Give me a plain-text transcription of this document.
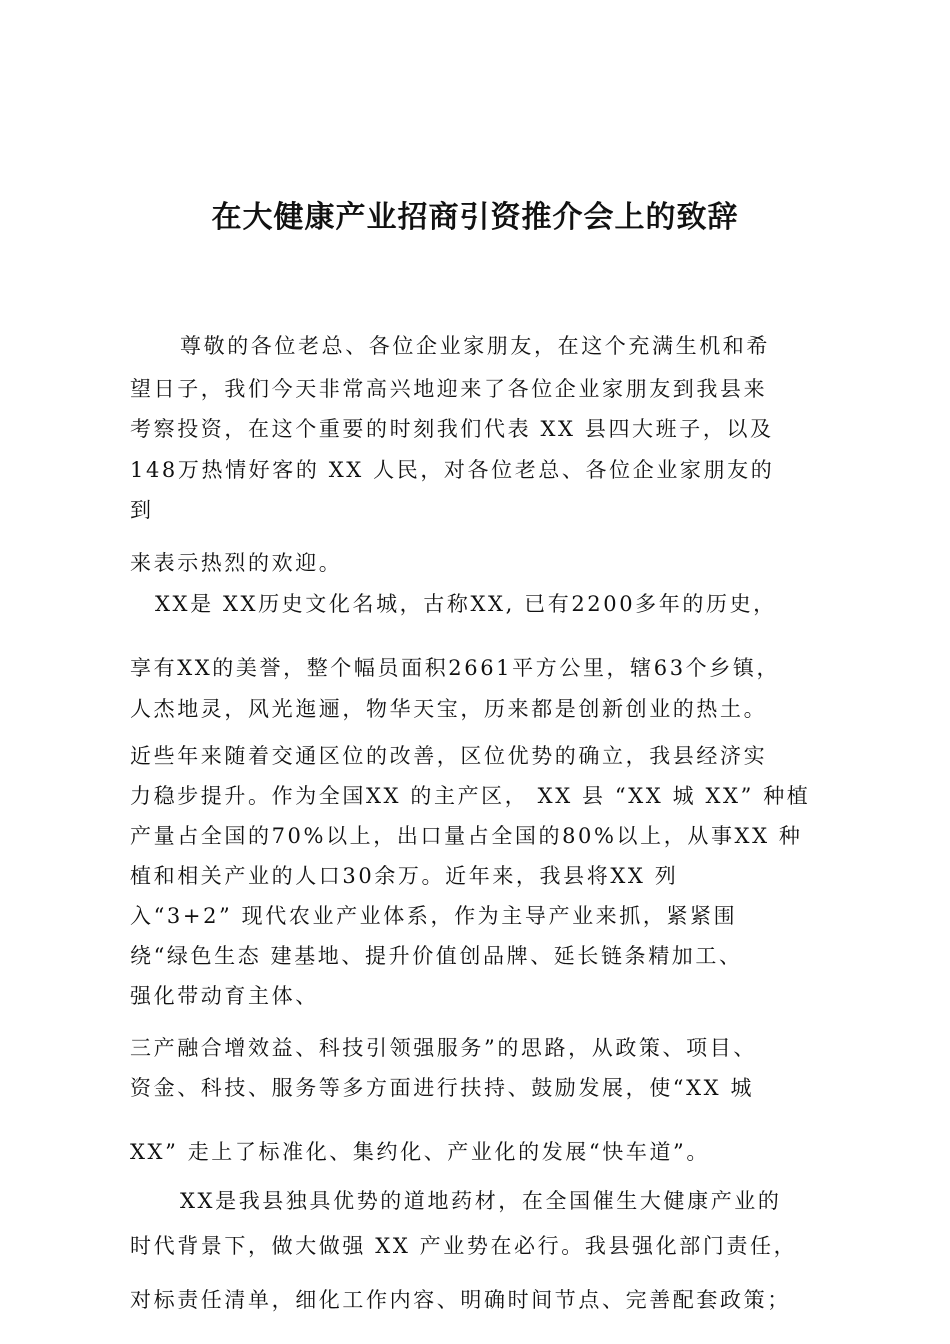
在大健康产业招商引资推介会上的致辞

尊敬的各位老总、各位企业家朋友，在这个充满生机和希

望日子，我们今天非常高兴地迎来了各位企业家朋友到我县来

考察投资，在这个重要的时刻我们代表 XX 县四大班子，以及

148万热情好客的 XX 人民，对各位老总、各位企业家朋友的

到

来表示热烈的欢迎。

XX是 XX历史文化名城，古称XX, 已有2200多年的历史，

享有XX的美誉，整个幅员面积2661平方公里，辖63个乡镇，

人杰地灵，风光迤逦，物华天宝，历来都是创新创业的热土。

近些年来随着交通区位的改善，区位优势的确立，我县经济实

力稳步提升。作为全国XX 的主产区， XX 县 “XX 城 XX” 种植

产量占全国的70%以上，出口量占全国的80%以上，从事XX 种

植和相关产业的人口30余万。近年来，我县将XX 列

入“3+2” 现代农业产业体系，作为主导产业来抓，紧紧围

绕“绿色生态 建基地、提升价值创品牌、延长链条精加工、

强化带动育主体、

三产融合增效益、科技引领强服务”的思路，从政策、项目、

资金、科技、服务等多方面进行扶持、鼓励发展，使“XX 城

XX” 走上了标准化、集约化、产业化的发展“快车道”。

XX是我县独具优势的道地药材，在全国催生大健康产业的

时代背景下，做大做强 XX 产业势在必行。我县强化部门责任，

对标责任清单，细化工作内容、明确时间节点、完善配套政策；
